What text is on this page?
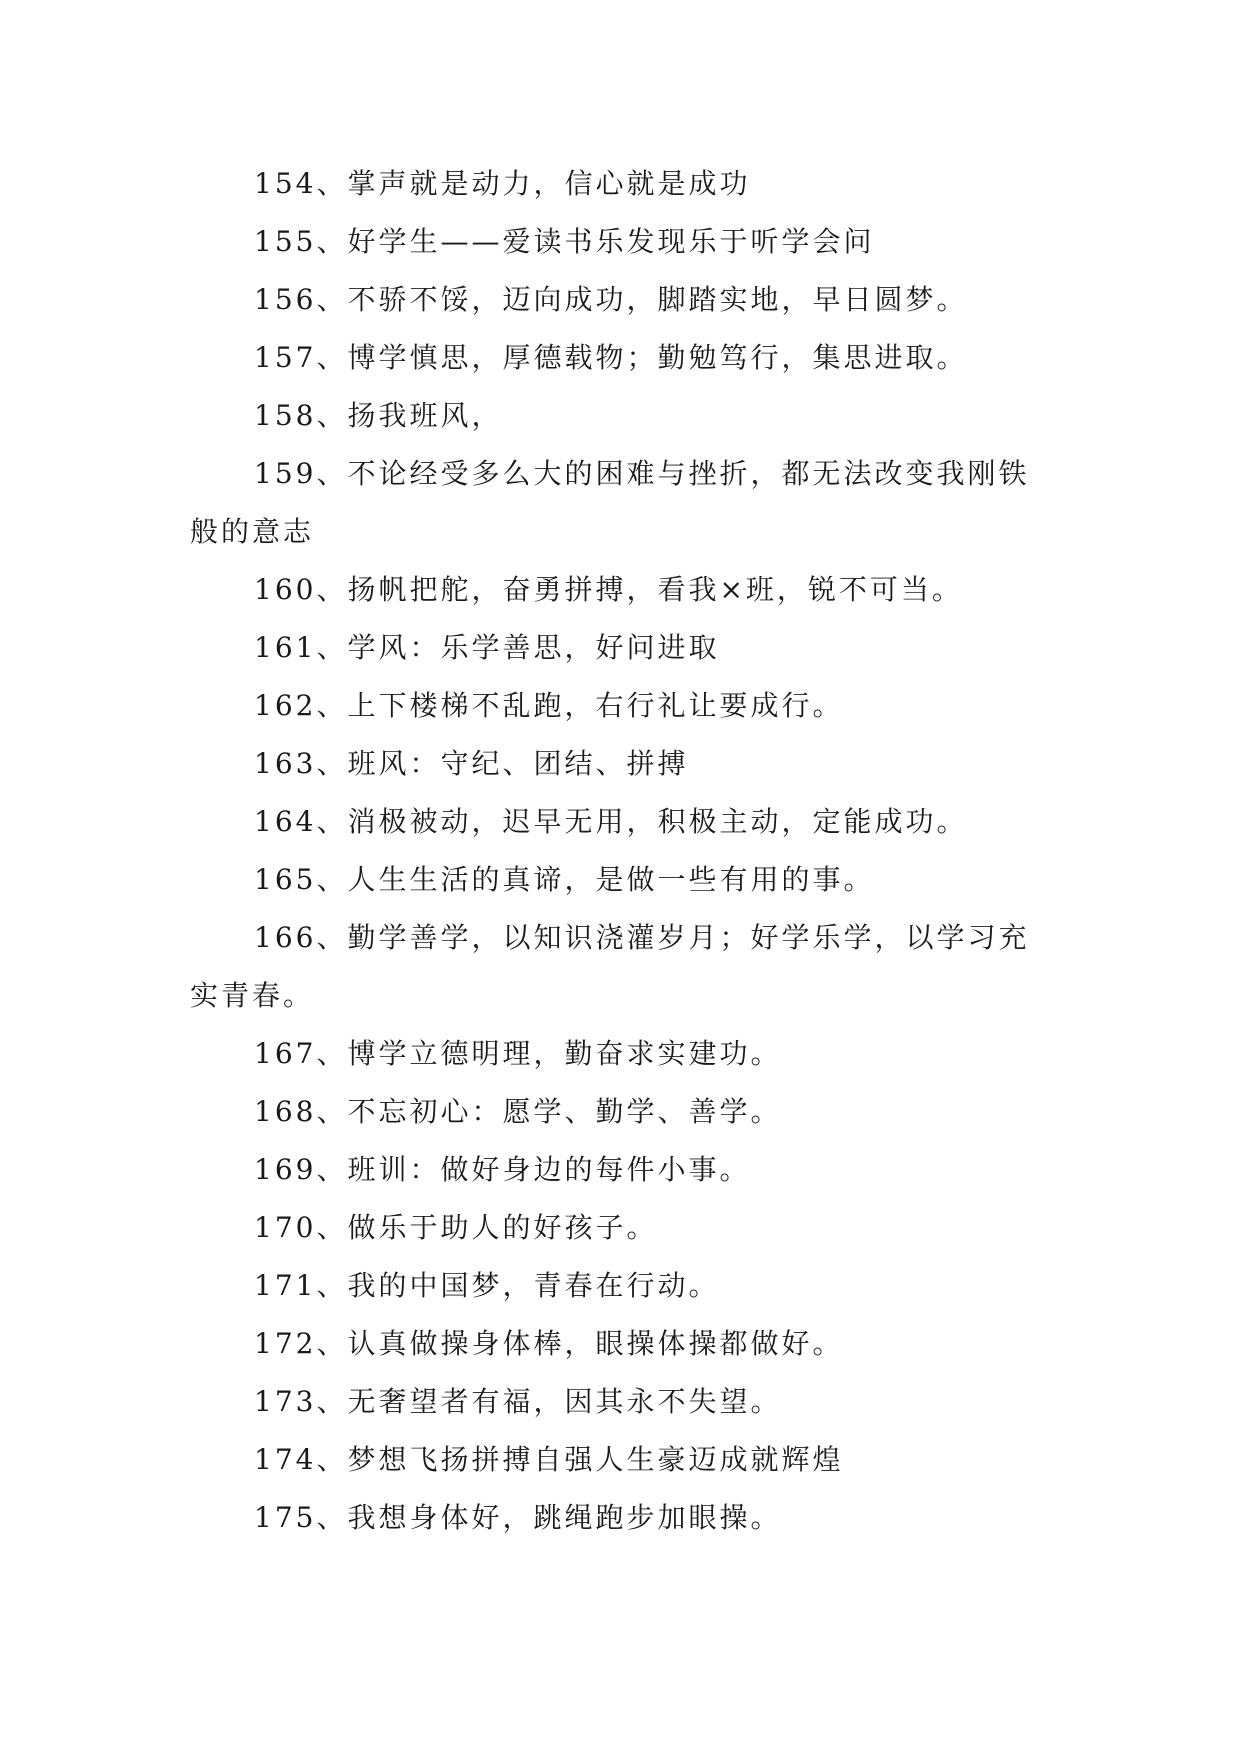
154、掌声就是动力，信心就是成功

155、好学生——爱读书乐发现乐于听学会问

156、不骄不馁，迈向成功，脚踏实地，早日圆梦。

157、博学慎思，厚德载物；勤勉笃行，集思进取。

158、扬我班风，

159、不论经受多么大的困难与挫折，都无法改变我刚铁般的意志

160、扬帆把舵，奋勇拼搏，看我×班，锐不可当。

161、学风：乐学善思，好问进取

162、上下楼梯不乱跑，右行礼让要成行。

163、班风：守纪、团结、拼搏

164、消极被动，迟早无用，积极主动，定能成功。

165、人生生活的真谛，是做一些有用的事。

166、勤学善学，以知识浇灌岁月；好学乐学，以学习充实青春。

167、博学立德明理，勤奋求实建功。

168、不忘初心：愿学、勤学、善学。

169、班训：做好身边的每件小事。

170、做乐于助人的好孩子。

171、我的中国梦，青春在行动。

172、认真做操身体棒，眼操体操都做好。

173、无奢望者有福，因其永不失望。

174、梦想飞扬拼搏自强人生豪迈成就辉煌

175、我想身体好，跳绳跑步加眼操。
